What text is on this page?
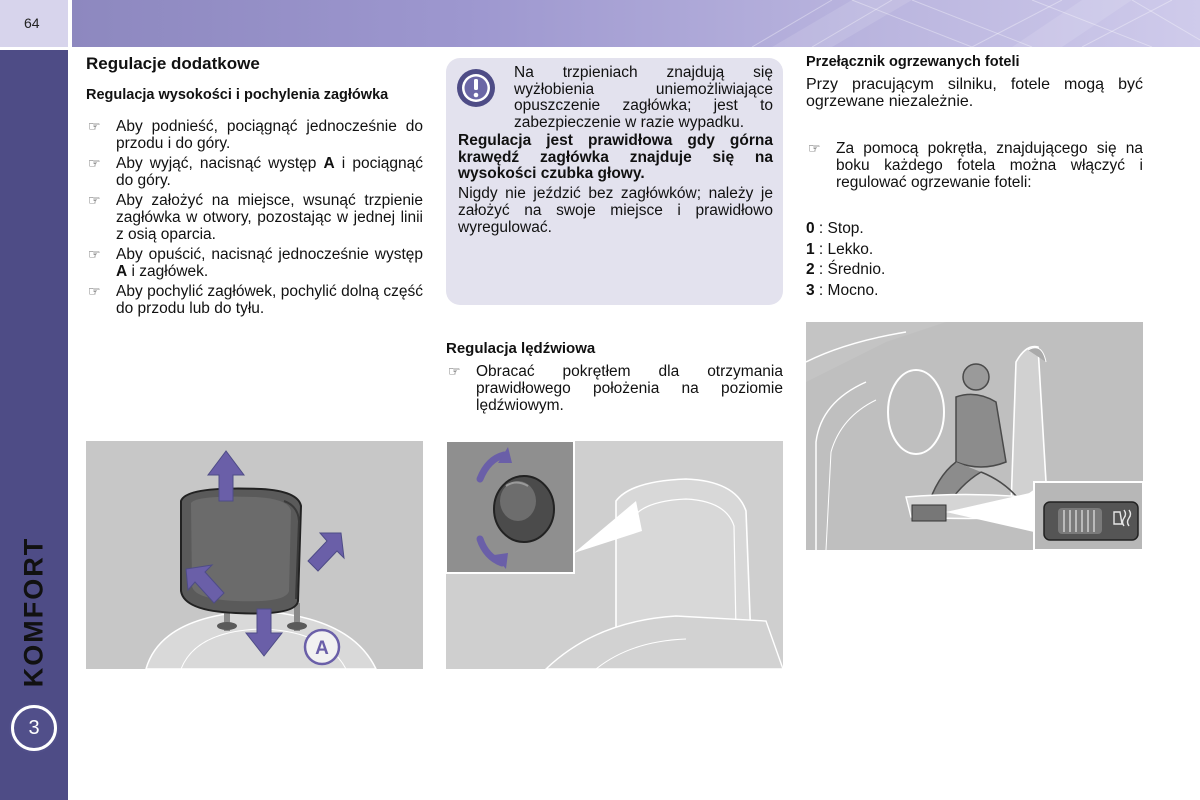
64
KOMFORT
3
Regulacje dodatkowe
Regulacja wysokości i pochylenia zagłówka
☞ Aby podnieść, pociągnąć jednocześnie do przodu i do góry.
☞ Aby wyjąć, nacisnąć występ A i pociągnąć do góry.
☞ Aby założyć na miejsce, wsunąć trzpienie zagłówka w otwory, pozostając w jednej linii z osią oparcia.
☞ Aby opuścić, nacisnąć jednocześnie występ A i zagłówek.
☞ Aby pochylić zagłówek, pochylić dolną część do przodu lub do tyłu.

Na trzpieniach znajdują się wyżłobienia uniemożliwiające opuszczenie zagłówka; jest to zabezpieczenie w razie wypadku.

Regulacja jest prawidłowa gdy górna krawędź zagłówka znajduje się na wysokości czubka głowy.

Nigdy nie jeździć bez zagłówków; należy je założyć na swoje miejsce i prawidłowo wyregulować.

Regulacja lędźwiowa
☞ Obracać pokrętłem dla otrzymania prawidłowego położenia na poziomie lędźwiowym.
Przełącznik ogrzewanych foteli

Przy pracującym silniku, fotele mogą być ogrzewane niezależnie.

☞ Za pomocą pokrętła, znajdującego się na boku każdego fotela można włączyć i regulować ogrzewanie foteli:
0 : Stop.
1 : Lekko.
2 : Średnio.
3 : Mocno.
A
